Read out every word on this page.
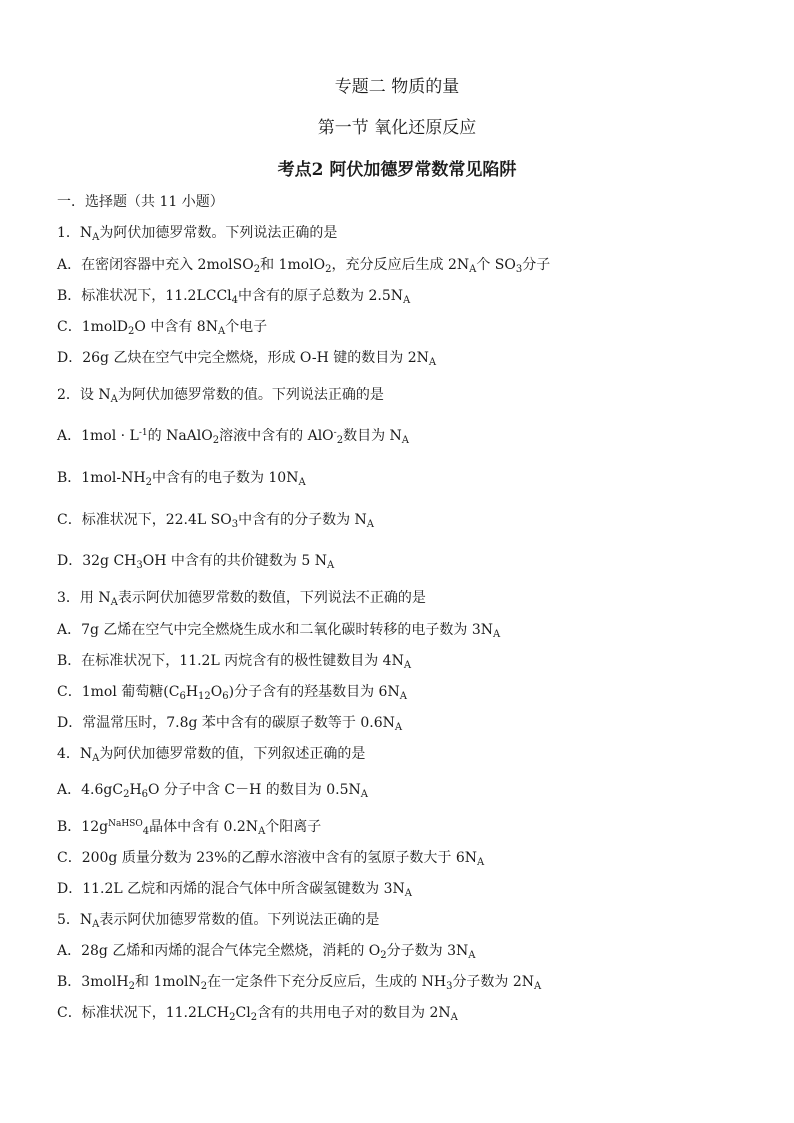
专题二 物质的量
第一节 氧化还原反应
考点2 阿伏加德罗常数常见陷阱
一．选择题（共 11 小题）
1．$N_A$为阿伏加德罗常数。下列说法正确的是
A．在密闭容器中充入 2molSO$_2$和 1molO$_2$，充分反应后生成 $2N_A$个 $SO_3$分子
B．标准状况下，11.2LCCl$_4$中含有的原子总数为 $2.5N_A$
C．1molD$_2$O 中含有 $8N_A$个电子
D．26g 乙炔在空气中完全燃烧，形成 O-H 键的数目为 $2N_A$
2．设 $N_A$为阿伏加德罗常数的值。下列说法正确的是
A．$1mol \cdot L^{-1}$的 NaAlO$_2$溶液中含有的 AlO-$_2$数目为 $N_A$
B．$1mol-NH_2$中含有的电子数为 $10N_A$
C．标准状况下，22.4L $SO_3$中含有的分子数为 $N_A$
D．32g $CH_3OH$ 中含有的共价键数为 5 $N_A$
3．用 $N_A$表示阿伏加德罗常数的数值，下列说法不正确的是
A．7g 乙烯在空气中完全燃烧生成水和二氧化碳时转移的电子数为 $3N_A$
B．在标准状况下，11.2L 丙烷含有的极性键数目为 $4N_A$
C．1mol 葡萄糖$(C_6H_{12}O_6)$分子含有的羟基数目为 $6N_A$
D．常温常压时，7.8g 苯中含有的碳原子数等于 $0.6N_A$
4．$N_A$为阿伏加德罗常数的值，下列叙述正确的是
A．$4.6gC_2H_6O$ 分子中含 C－H 的数目为 $0.5N_A$
B．$12g^{NaHSO}_4$晶体中含有 $0.2N_A$个阳离子
C．200g 质量分数为 23%的乙醇水溶液中含有的氢原子数大于 $6N_A$
D．11.2L 乙烷和丙烯的混合气体中所含碳氢键数为 $3N_A$
5．$N_A$表示阿伏加德罗常数的值。下列说法正确的是
A．28g 乙烯和丙烯的混合气体完全燃烧，消耗的 $O_2$分子数为 $3N_A$
B．3molH$_2$和 1molN$_2$在一定条件下充分反应后，生成的 $NH_3$分子数为 $2N_A$
C．标准状况下，$11.2LCH_2Cl_2$含有的共用电子对的数目为 $2N_A$
